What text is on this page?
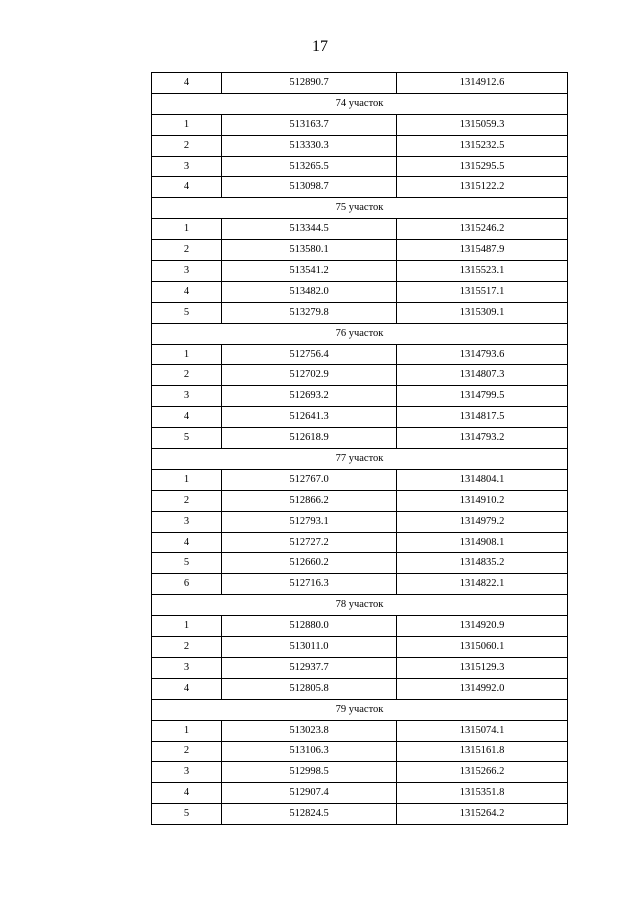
17
4	512890.7	1314912.6
74 участок		
1	513163.7	1315059.3
2	513330.3	1315232.5
3	513265.5	1315295.5
4	513098.7	1315122.2
75 участок		
1	513344.5	1315246.2
2	513580.1	1315487.9
3	513541.2	1315523.1
4	513482.0	1315517.1
5	513279.8	1315309.1
76 участок		
1	512756.4	1314793.6
2	512702.9	1314807.3
3	512693.2	1314799.5
4	512641.3	1314817.5
5	512618.9	1314793.2
77 участок		
1	512767.0	1314804.1
2	512866.2	1314910.2
3	512793.1	1314979.2
4	512727.2	1314908.1
5	512660.2	1314835.2
6	512716.3	1314822.1
78 участок		
1	512880.0	1314920.9
2	513011.0	1315060.1
3	512937.7	1315129.3
4	512805.8	1314992.0
79 участок		
1	513023.8	1315074.1
2	513106.3	1315161.8
3	512998.5	1315266.2
4	512907.4	1315351.8
5	512824.5	1315264.2
